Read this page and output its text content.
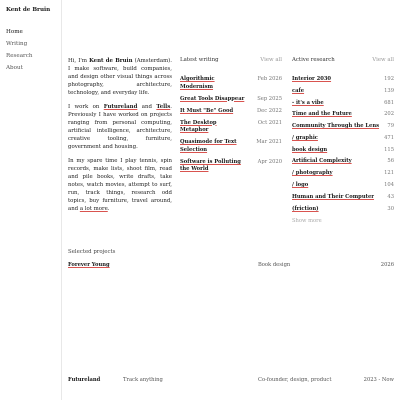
Kent de Bruin
Home
Writing
Research
About

Hi, I'm Kent de Bruin (Amsterdam). I make software, build companies, and design other visual things across photography, architecture, technology, and everyday life.

I work on Futureland and Tells. Previously I have worked on projects ranging from personal computing, artificial intelligence, architecture, creative tooling, furniture, government and housing.

In my spare time I play tennis, spin records, make lists, shoot film, read and pile books, write drafts, take notes, watch movies, attempt to surf, run, track things, research odd topics, buy furniture, travel around, and a lot more.

Latest writing	View all
Algorithmic Modernism
Feb 2026
Great Tools Disappear Sep 2025
It Must "Be" Good	Dec 2022
The Desktop Metaphor
Oct 2021
Quasimode for Text Selection
Mar 2021
Software is Polluting the World
Apr 2020
Active research	View all
Interior 2030	192
cafe	139
- it's a vibe	681
Time and the Future	202
Community Through the Lens 79
/ graphic	471
book design	115
Artificial Complexity	56
/ photography	121
/ logo	104
Human and Their Computer	43
(friction)	30
Show more
Selected projects
Forever Young	Book design	2026
Futureland	Track anything	Co-founder, design, product	2023 - Now
